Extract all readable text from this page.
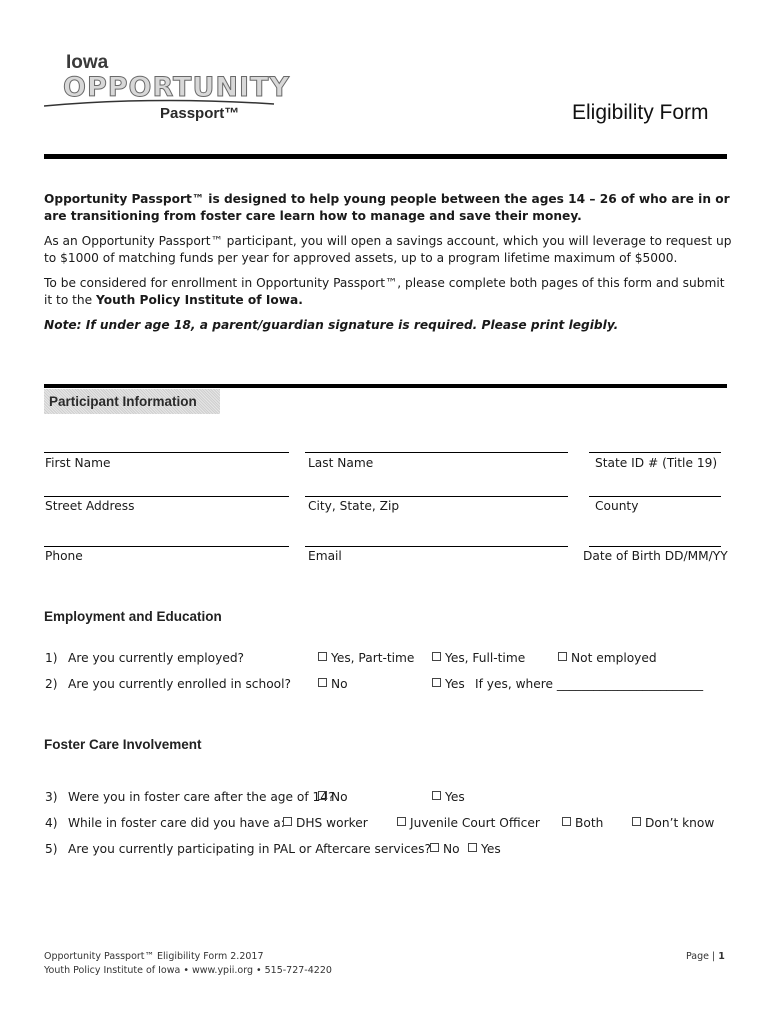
Iowa
OPPORTUNITY
Passport™	Eligibility Form
Opportunity Passport™ is designed to help young people between the ages 14 – 26 of who are in or are transitioning from foster care learn how to manage and save their money.
As an Opportunity Passport™ participant, you will open a savings account, which you will leverage to request up to $1000 of matching funds per year for approved assets, up to a program lifetime maximum of $5000.
To be considered for enrollment in Opportunity Passport™, please complete both pages of this form and submit it to the Youth Policy Institute of Iowa.
Note: If under age 18, a parent/guardian signature is required. Please print legibly.
Participant Information
First Name	Last Name	State ID # (Title 19)
Street Address	City, State, Zip	County
Phone	Email	Date of Birth DD/MM/YY
Employment and Education
1) Are you currently employed?	Yes, Part-time	Yes, Full-time	Not employed
2) Are you currently enrolled in school?	No	Yes If yes, where ________________________
Foster Care Involvement
3) Were you in foster care after the age of 14?
No	Yes
4) While in foster care did you have a: DHS worker	Juvenile Court Officer	Both	Don’t know
5) Are you currently participating in PAL or Aftercare services? No	Yes
Opportunity Passport™ Eligibility Form 2.2017
Youth Policy Institute of Iowa • www.ypii.org • 515-727-4220
Page | 1
